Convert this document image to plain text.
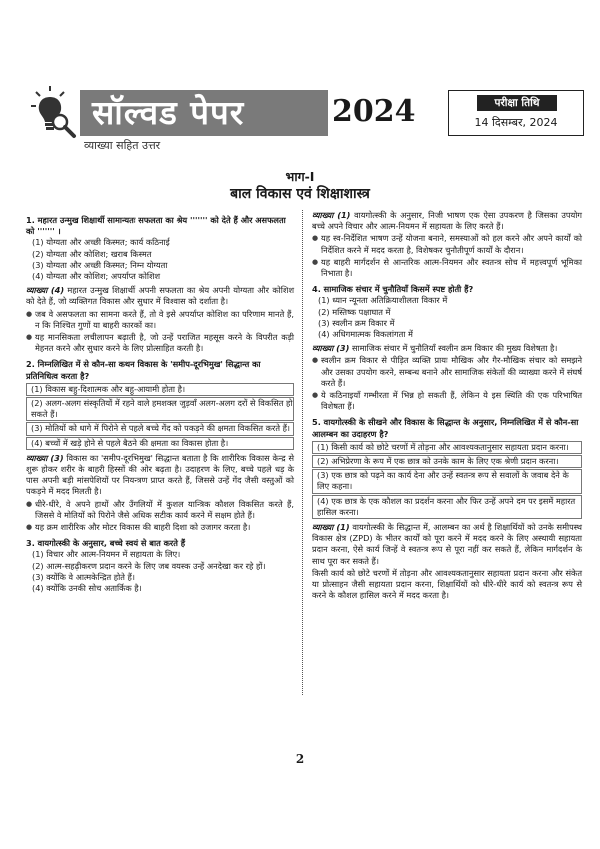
सॉल्वड पेपर	2024
व्याख्या सहित उत्तर
परीक्षा तिथि
14 दिसम्बर, 2024
भाग-I
बाल विकास एवं शिक्षाशास्त्र
1. महारत उन्मुख शिक्षार्थी सामान्यतः सफलता का श्रेय ''''''' को देते हैं और असफलता को ''''''' ।
(1) योग्यता और अच्छी किस्मत; कार्य कठिनाई
(2) योग्यता और कोशिश; खराब किस्मत
(3) योग्यता और अच्छी किस्मत; निम्न योग्यता
(4) योग्यता और कोशिश; अपर्याप्त कोशिश
व्याख्या (4) महारत उन्मुख शिक्षार्थी अपनी सफलता का श्रेय अपनी योग्यता और कोशिश को देते हैं, जो व्यक्तिगत विकास और सुधार में विश्वास को दर्शाता है।
● जब वे असफलता का सामना करते हैं, तो वे इसे अपर्याप्त कोशिश का परिणाम मानते हैं, न कि निश्चित गुणों या बाहरी कारकों का।
● यह मानसिकता लचीलापन बढ़ाती है, जो उन्हें पराजित महसूस करने के विपरीत कड़ी मेहनत करने और सुधार करने के लिए प्रोत्साहित करती है।
2. निम्नलिखित में से कौन-सा कथन विकास के 'समीप-दूरभिमुख' सिद्धान्त का प्रतिनिधित्व करता है?
(1) विकास बहु-दिशात्मक और बहु-आयामी होता है।
(2) अलग-अलग संस्कृतियों में रहने वाले हमशक्ल जुड़वाँ अलग-अलग दरों से विकसित हो सकते हैं।
(3) मोतियों को धागे में पिरोने से पहले बच्चे गेंद को पकड़ने की क्षमता विकसित करते हैं।
(4) बच्चों में खड़े होने से पहले बैठने की क्षमता का विकास होता है।
व्याख्या (3) विकास का 'समीप-दूरभिमुख' सिद्धान्त बताता है कि शारीरिक विकास केन्द्र से शुरू होकर शरीर के बाहरी हिस्सों की ओर बढ़ता है। उदाहरण के लिए, बच्चे पहले धड़ के पास अपनी बड़ी मांसपेशियों पर नियन्त्रण प्राप्त करते हैं, जिससे उन्हें गेंद जैसी वस्तुओं को पकड़ने में मदद मिलती है।
● धीरे-धीरे, वे अपने हाथों और उँगलियों में कुशल यान्त्रिक कौशल विकसित करते हैं, जिससे वे मोतियों को पिरोने जैसे अधिक सटीक कार्य करने में सक्षम होते हैं।
● यह क्रम शारीरिक और मोटर विकास की बाहरी दिशा को उजागर करता है।
3. वायगोत्स्की के अनुसार, बच्चे स्वयं से बात करते हैं
(1) विचार और आत्म-नियमन में सहायता के लिए।
(2) आत्म-सहढ़ीकरण प्रदान करने के लिए जब वयस्क उन्हें अनदेखा कर रहे हों।
(3) क्योंकि वे आत्मकेन्द्रित होते हैं।
(4) क्योंकि उनकी सोच अतार्किक है।
व्याख्या (1) वायगोत्स्की के अनुसार, निजी भाषण एक ऐसा उपकरण है जिसका उपयोग बच्चे अपने विचार और आत्म-नियमन में सहायता के लिए करते हैं।
● यह स्व-निर्देशित भाषण उन्हें योजना बनाने, समस्याओं को हल करने और अपने कार्यों को निर्देशित करने में मदद करता है, विशेषकर चुनौतीपूर्ण कार्यों के दौरान।
● यह बाहरी मार्गदर्शन से आन्तरिक आत्म-नियमन और स्वतन्त्र सोच में महत्त्वपूर्ण भूमिका निभाता है।
4. सामाजिक संचार में चुनौतियाँ किसमें स्पष्ट होती हैं?
(1) ध्यान न्यूनता अतिक्रियाशीलता विकार में
(2) मस्तिष्क पक्षाघात में
(3) स्वलीन क्रम विकार में
(4) अधिगमात्मक विकलांगता में
व्याख्या (3) सामाजिक संचार में चुनौतियाँ स्वलीन क्रम विकार की मुख्य विशेषता है।
● स्वलीन क्रम विकार से पीड़ित व्यक्ति प्रायः मौखिक और गैर-मौखिक संचार को समझने और उसका उपयोग करने, सम्बन्ध बनाने और सामाजिक संकेतों की व्याख्या करने में संघर्ष करते हैं।
● ये कठिनाइयाँ गम्भीरता में भिन्न हो सकती हैं, लेकिन ये इस स्थिति की एक परिभाषित विशेषता हैं।
5. वायगोत्स्की के सीखने और विकास के सिद्धान्त के अनुसार, निम्नलिखित में से कौन-सा आलम्बन का उदाहरण है?
(1) किसी कार्य को छोटे चरणों में तोड़ना और आवश्यकतानुसार सहायता प्रदान करना।
(2) अभिप्रेरणा के रूप में एक छात्र को उनके काम के लिए एक श्रेणी प्रदान करना।
(3) एक छात्र को पढ़ने का कार्य देना और उन्हें स्वतन्त्र रूप से सवालों के जवाब देने के लिए कहना।
(4) एक छात्र के एक कौशल का प्रदर्शन करना और फिर उन्हें अपने दम पर इसमें महारत हासिल करना।
व्याख्या (1) वायगोत्स्की के सिद्धान्त में, आलम्बन का अर्थ है शिक्षार्थियों को उनके समीपस्थ विकास क्षेत्र (ZPD) के भीतर कार्यों को पूरा करने में मदद करने के लिए अस्थायी सहायता प्रदान करना, ऐसे कार्य जिन्हें वे स्वतन्त्र रूप से पूरा नहीं कर सकते हैं, लेकिन मार्गदर्शन के साथ पूरा कर सकते हैं।
किसी कार्य को छोटे चरणों में तोड़ना और आवश्यकतानुसार सहायता प्रदान करना और संकेत या प्रोत्साहन जैसी सहायता प्रदान करना, शिक्षार्थियों को धीरे-धीरे कार्य को स्वतन्त्र रूप से करने के कौशल हासिल करने में मदद करता है।
2
